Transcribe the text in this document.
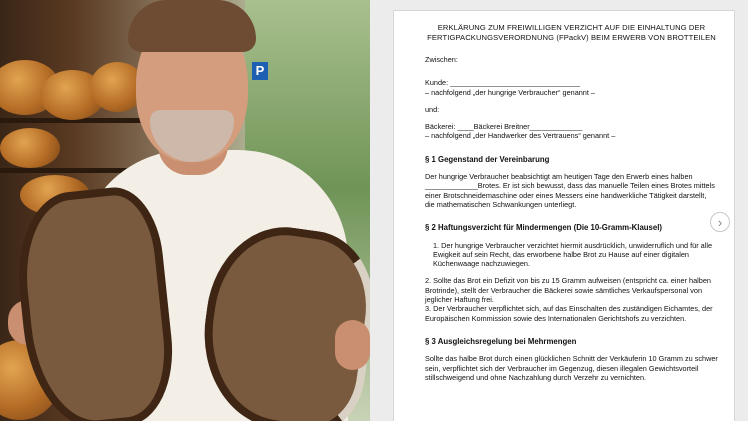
P
ERKLÄRUNG ZUM FREIWILLIGEN VERZICHT AUF DIE EINHALTUNG DER
FERTIGPACKUNGSVERORDNUNG (FPackV) BEIM ERWERB VON BROTTEILEN

Zwischen:

Kunde: ________________________________

– nachfolgend „der hungrige Verbraucher“ genannt –

und:

Bäckerei: ____Bäckerei Breitner_____________

– nachfolgend „der Handwerker des Vertrauens“ genannt –

§ 1 Gegenstand der Vereinbarung

Der hungrige Verbraucher beabsichtigt am heutigen Tage den Erwerb eines halben _____________Brotes. Er ist sich bewusst, dass das manuelle Teilen eines Brotes mittels einer Brotschneidemaschine oder eines Messers eine handwerkliche Tätigkeit darstellt, die mathematischen Schwankungen unterliegt.

§ 2 Haftungsverzicht für Mindermengen (Die 10-Gramm-Klausel)

1. Der hungrige Verbraucher verzichtet hiermit ausdrücklich, unwiderruflich und für alle Ewigkeit auf sein Recht, das erworbene halbe Brot zu Hause auf einer digitalen Küchenwaage nachzuwiegen.

2. Sollte das Brot ein Defizit von bis zu 15 Gramm aufweisen (entspricht ca. einer halben Brotrinde), stellt der Verbraucher die Bäckerei sowie sämtliches Verkaufspersonal von jeglicher Haftung frei.

3. Der Verbraucher verpflichtet sich, auf das Einschalten des zuständigen Eichamtes, der Europäischen Kommission sowie des Internationalen Gerichtshofs zu verzichten.

§ 3 Ausgleichsregelung bei Mehrmengen

Sollte das halbe Brot durch einen glücklichen Schnitt der Verkäuferin 10 Gramm zu schwer sein, verpflichtet sich der Verbraucher im Gegenzug, diesen illegalen Gewichtsvorteil stillschweigend und ohne Nachzahlung durch Verzehr zu vernichten.

›
